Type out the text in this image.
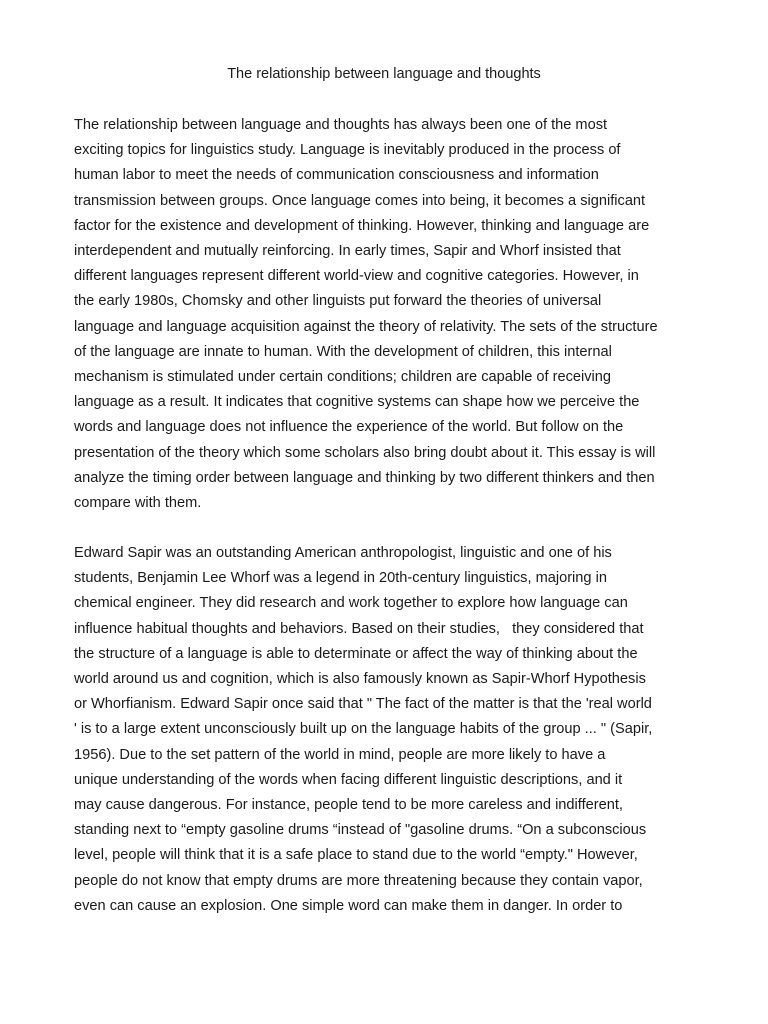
The relationship between language and thoughts

The relationship between language and thoughts has always been one of the most
exciting topics for linguistics study. Language is inevitably produced in the process of
human labor to meet the needs of communication consciousness and information
transmission between groups. Once language comes into being, it becomes a significant
factor for the existence and development of thinking. However, thinking and language are
interdependent and mutually reinforcing. In early times, Sapir and Whorf insisted that
different languages represent different world-view and cognitive categories. However, in
the early 1980s, Chomsky and other linguists put forward the theories of universal
language and language acquisition against the theory of relativity. The sets of the structure
of the language are innate to human. With the development of children, this internal
mechanism is stimulated under certain conditions; children are capable of receiving
language as a result. It indicates that cognitive systems can shape how we perceive the
words and language does not influence the experience of the world. But follow on the
presentation of the theory which some scholars also bring doubt about it. This essay is will
analyze the timing order between language and thinking by two different thinkers and then
compare with them.

Edward Sapir was an outstanding American anthropologist, linguistic and one of his
students, Benjamin Lee Whorf was a legend in 20th-century linguistics, majoring in
chemical engineer. They did research and work together to explore how language can
influence habitual thoughts and behaviors. Based on their studies,   they considered that
the structure of a language is able to determinate or affect the way of thinking about the
world around us and cognition, which is also famously known as Sapir-Whorf Hypothesis
or Whorfianism. Edward Sapir once said that " The fact of the matter is that the 'real world
' is to a large extent unconsciously built up on the language habits of the group ... " (Sapir,
1956). Due to the set pattern of the world in mind, people are more likely to have a
unique understanding of the words when facing different linguistic descriptions, and it
may cause dangerous. For instance, people tend to be more careless and indifferent,
standing next to “empty gasoline drums “instead of "gasoline drums. “On a subconscious
level, people will think that it is a safe place to stand due to the world “empty." However,
people do not know that empty drums are more threatening because they contain vapor,
even can cause an explosion. One simple word can make them in danger. In order to
